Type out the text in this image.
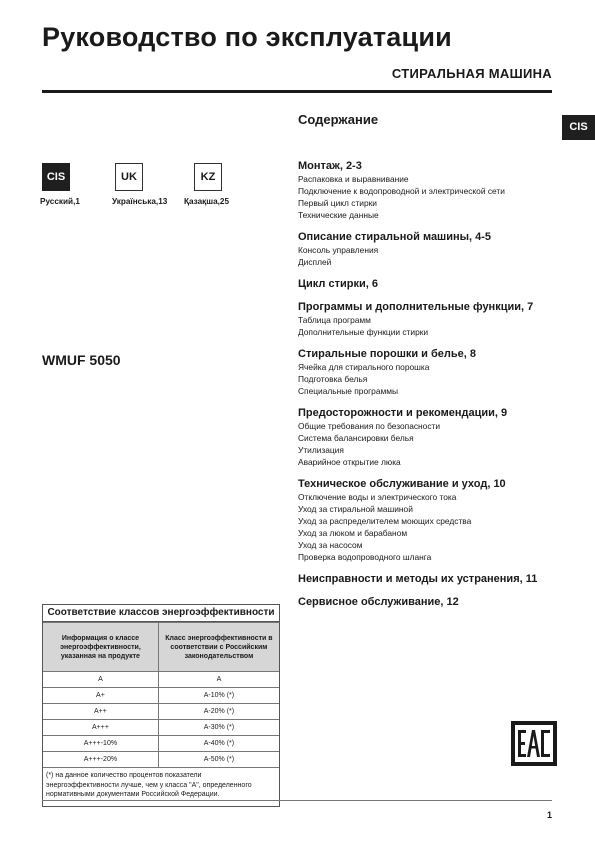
Руководство по эксплуатации
СТИРАЛЬНАЯ МАШИНА
CIS
CIS
Русский,1
UK
Українська,13
KZ
Қазақша,25
WMUF 5050
Содержание
Монтаж, 2-3
Распаковка и выравнивание
Подключение к водопроводной и электрической сети
Первый цикл стирки
Технические данные
Описание стиральной машины, 4-5
Консоль управления
Дисплей
Цикл стирки, 6
Программы и дополнительные функции, 7
Таблица программ
Дополнительные функции стирки
Стиральные порошки и белье, 8
Ячейка для стирального порошка
Подготовка белья
Специальные программы
Предосторожности и рекомендации, 9
Общие требования по безопасности
Система балансировки белья
Утилизация
Аварийное открытие люка
Техническое обслуживание и уход, 10
Отключение воды и электрического тока
Уход за стиральной машиной
Уход за распределителем моющих средства
Уход за люком и барабаном
Уход за насосом
Проверка водопроводного шланга
Неисправности и методы их устранения, 11
Сервисное обслуживание, 12
Соответствие классов энергоэффективности
Информация о классе энергоэффективности, указанная на продукте	Класс энергоэффективности в соответствии с Российским законодательством
A	A
A+	A-10% (*)
A++	A-20% (*)
A+++	A-30% (*)
A+++-10%	A-40% (*)
A+++-20%	A-50% (*)
(*) на данное количество процентов показатели энергоэффективности лучше, чем у класса "A", определенного нормативными документами Российской Федерации.
1
